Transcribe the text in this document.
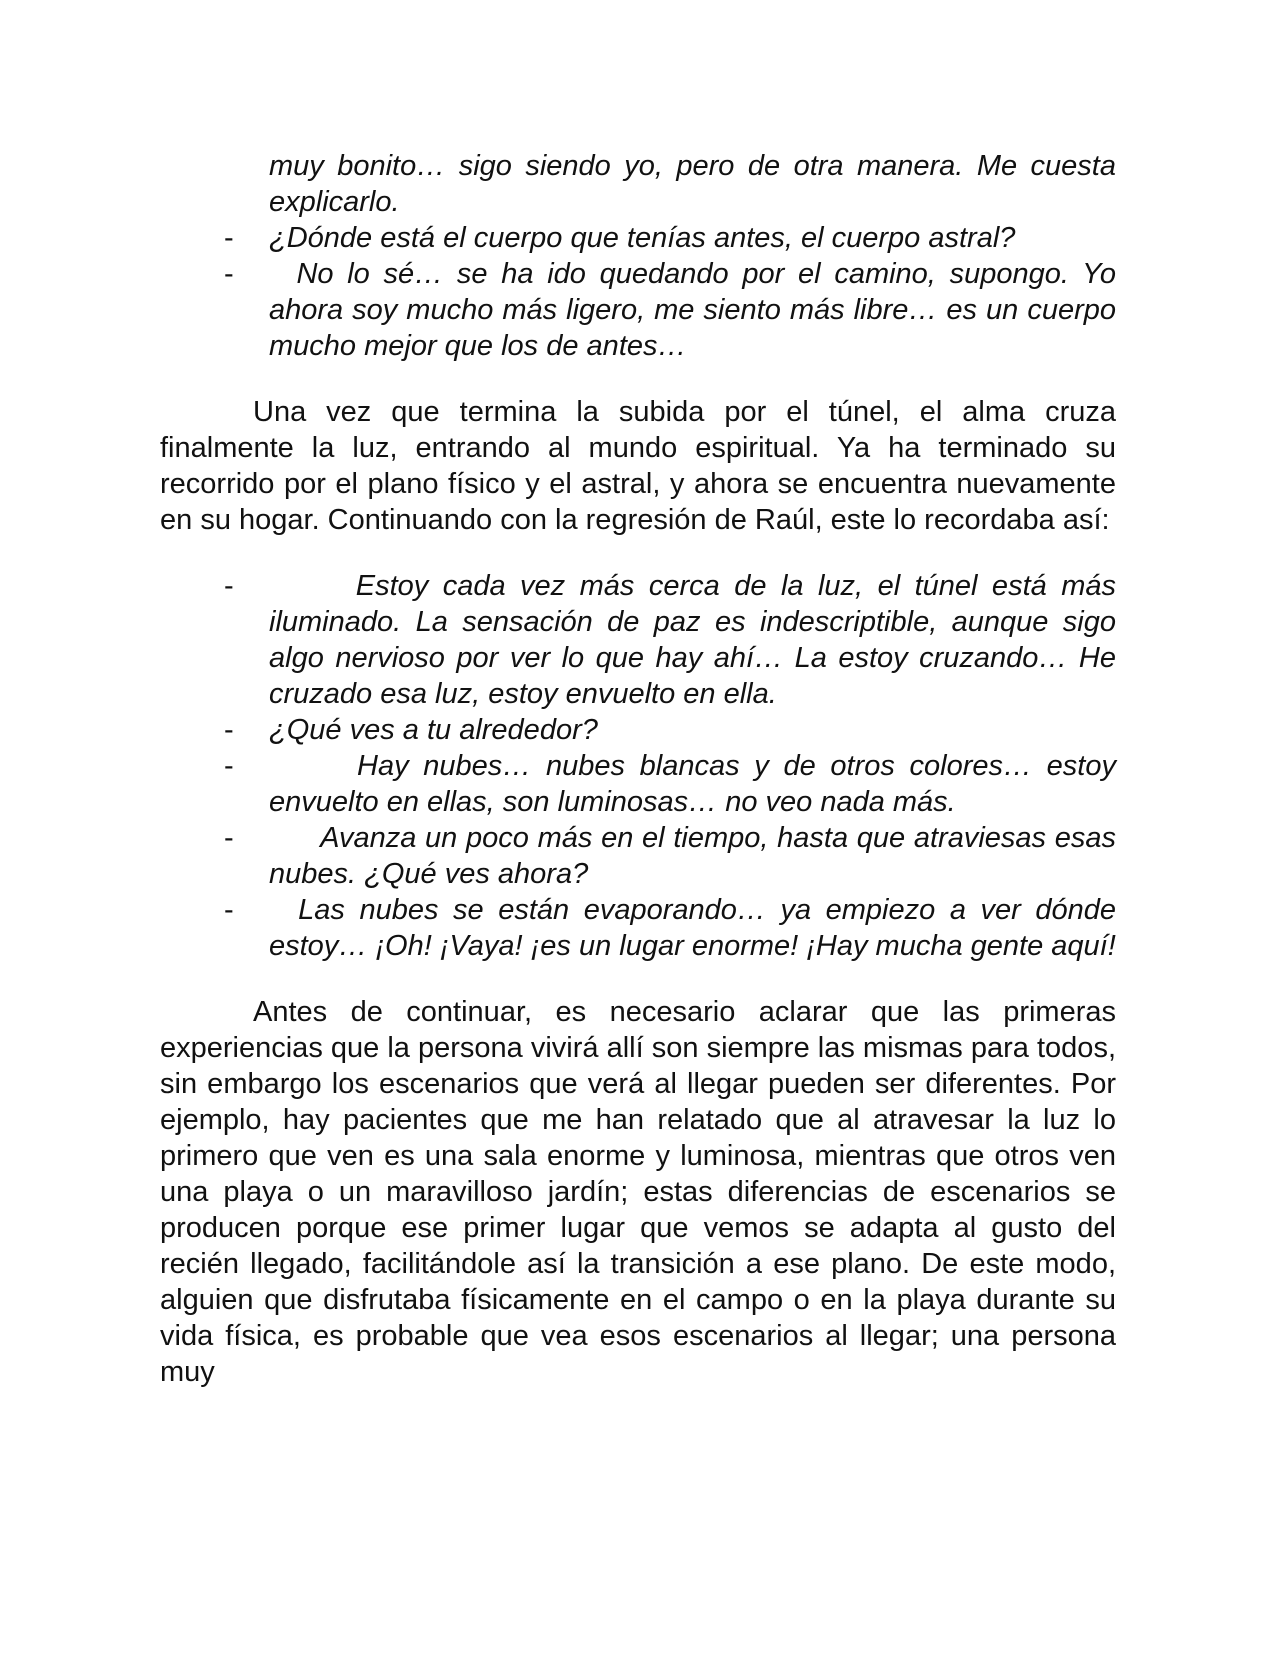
muy bonito… sigo siendo yo, pero de otra manera. Me cuesta explicarlo.
- ¿Dónde está el cuerpo que tenías antes, el cuerpo astral?
- No lo sé… se ha ido quedando por el camino, supongo. Yo ahora soy mucho más ligero, me siento más libre… es un cuerpo mucho mejor que los de antes…

Una vez que termina la subida por el túnel, el alma cruza finalmente la luz, entrando al mundo espiritual. Ya ha terminado su recorrido por el plano físico y el astral, y ahora se encuentra nuevamente en su hogar. Continuando con la regresión de Raúl, este lo recordaba así:

- Estoy cada vez más cerca de la luz, el túnel está más iluminado. La sensación de paz es indescriptible, aunque sigo algo nervioso por ver lo que hay ahí… La estoy cruzando… He cruzado esa luz, estoy envuelto en ella.
- ¿Qué ves a tu alrededor?
- Hay nubes… nubes blancas y de otros colores… estoy envuelto en ellas, son luminosas… no veo nada más.
- Avanza un poco más en el tiempo, hasta que atraviesas esas nubes. ¿Qué ves ahora?
- Las nubes se están evaporando… ya empiezo a ver dónde estoy… ¡Oh! ¡Vaya! ¡es un lugar enorme! ¡Hay mucha gente aquí!

Antes de continuar, es necesario aclarar que las primeras experiencias que la persona vivirá allí son siempre las mismas para todos, sin embargo los escenarios que verá al llegar pueden ser diferentes. Por ejemplo, hay pacientes que me han relatado que al atravesar la luz lo primero que ven es una sala enorme y luminosa, mientras que otros ven una playa o un maravilloso jardín; estas diferencias de escenarios se producen porque ese primer lugar que vemos se adapta al gusto del recién llegado, facilitándole así la transición a ese plano. De este modo, alguien que disfrutaba físicamente en el campo o en la playa durante su vida física, es probable que vea esos escenarios al llegar; una persona muy
